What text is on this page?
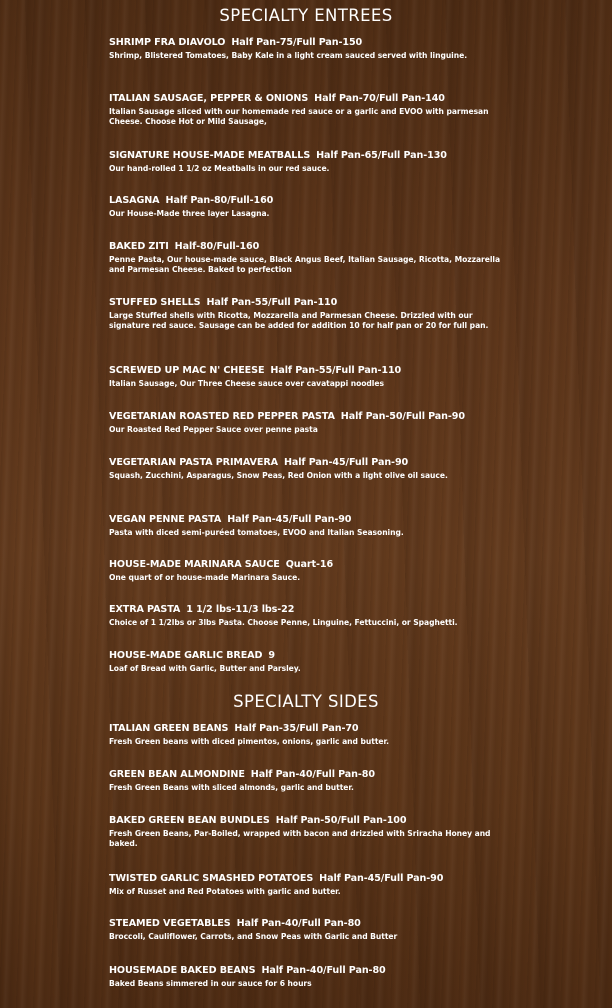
SPECIALTY ENTREES
SHRIMP FRA DIAVOLO Half Pan-75/Full Pan-150
Shrimp, Blistered Tomatoes, Baby Kale in a light cream sauced served with linguine.
ITALIAN SAUSAGE, PEPPER & ONIONS Half Pan-70/Full Pan-140
Italian Sausage sliced with our homemade red sauce or a garlic and EVOO with parmesan Cheese. Choose Hot or Mild Sausage,
SIGNATURE HOUSE-MADE MEATBALLS Half Pan-65/Full Pan-130
Our hand-rolled 1 1/2 oz Meatballs in our red sauce.
LASAGNA Half Pan-80/Full-160
Our House-Made three layer Lasagna.
BAKED ZITI Half-80/Full-160
Penne Pasta, Our house-made sauce, Black Angus Beef, Italian Sausage, Ricotta, Mozzarella and Parmesan Cheese. Baked to perfection
STUFFED SHELLS Half Pan-55/Full Pan-110
Large Stuffed shells with Ricotta, Mozzarella and Parmesan Cheese. Drizzled with our signature red sauce. Sausage can be added for addition 10 for half pan or 20 for full pan.
SCREWED UP MAC N' CHEESE Half Pan-55/Full Pan-110
Italian Sausage, Our Three Cheese sauce over cavatappi noodles
VEGETARIAN ROASTED RED PEPPER PASTA Half Pan-50/Full Pan-90
Our Roasted Red Pepper Sauce over penne pasta
VEGETARIAN PASTA PRIMAVERA Half Pan-45/Full Pan-90
Squash, Zucchini, Asparagus, Snow Peas, Red Onion with a light olive oil sauce.
VEGAN PENNE PASTA Half Pan-45/Full Pan-90
Pasta with diced semi-puréed tomatoes, EVOO and Italian Seasoning.
HOUSE-MADE MARINARA SAUCE Quart-16
One quart of or house-made Marinara Sauce.
EXTRA PASTA 1 1/2 lbs-11/3 lbs-22
Choice of 1 1/2lbs or 3lbs Pasta. Choose Penne, Linguine, Fettuccini, or Spaghetti.
HOUSE-MADE GARLIC BREAD 9
Loaf of Bread with Garlic, Butter and Parsley.
SPECIALTY SIDES
ITALIAN GREEN BEANS Half Pan-35/Full Pan-70
Fresh Green beans with diced pimentos, onions, garlic and butter.
GREEN BEAN ALMONDINE Half Pan-40/Full Pan-80
Fresh Green Beans with sliced almonds, garlic and butter.
BAKED GREEN BEAN BUNDLES Half Pan-50/Full Pan-100
Fresh Green Beans, Par-Boiled, wrapped with bacon and drizzled with Sriracha Honey and baked.
TWISTED GARLIC SMASHED POTATOES Half Pan-45/Full Pan-90
Mix of Russet and Red Potatoes with garlic and butter.
STEAMED VEGETABLES Half Pan-40/Full Pan-80
Broccoli, Cauliflower, Carrots, and Snow Peas with Garlic and Butter
HOUSEMADE BAKED BEANS Half Pan-40/Full Pan-80
Baked Beans simmered in our sauce for 6 hours
